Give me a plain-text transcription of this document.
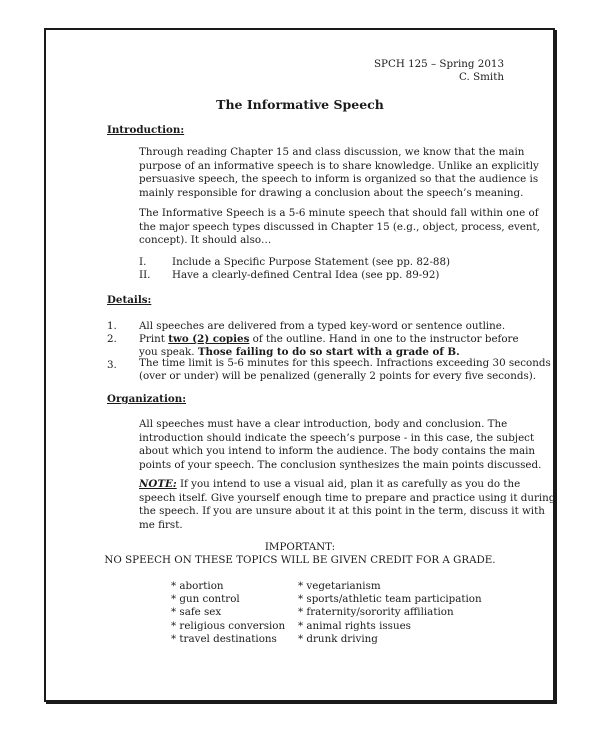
SPCH 125 – Spring 2013
C. Smith
The Informative Speech
Introduction:
Through reading Chapter 15 and class discussion, we know that the main
purpose of an informative speech is to share knowledge. Unlike an explicitly
persuasive speech, the speech to inform is organized so that the audience is
mainly responsible for drawing a conclusion about the speech’s meaning.
The Informative Speech is a 5-6 minute speech that should fall within one of
the major speech types discussed in Chapter 15 (e.g., object, process, event,
concept). It should also…
I. Include a Specific Purpose Statement (see pp. 82-88)
II. Have a clearly-defined Central Idea (see pp. 89-92)
Details:
1. All speeches are delivered from a typed key-word or sentence outline.
2. Print two (2) copies of the outline. Hand in one to the instructor before
you speak. Those failing to do so start with a grade of B.
3. The time limit is 5-6 minutes for this speech. Infractions exceeding 30 seconds
(over or under) will be penalized (generally 2 points for every five seconds).
Organization:
All speeches must have a clear introduction, body and conclusion. The
introduction should indicate the speech’s purpose - in this case, the subject
about which you intend to inform the audience. The body contains the main
points of your speech. The conclusion synthesizes the main points discussed.
NOTE: If you intend to use a visual aid, plan it as carefully as you do the
speech itself. Give yourself enough time to prepare and practice using it during
the speech. If you are unsure about it at this point in the term, discuss it with
me first.
IMPORTANT:
NO SPEECH ON THESE TOPICS WILL BE GIVEN CREDIT FOR A GRADE.
* abortion
* gun control
* safe sex
* religious conversion
* travel destinations
* vegetarianism
* sports/athletic team participation
* fraternity/sorority affiliation
* animal rights issues
* drunk driving
